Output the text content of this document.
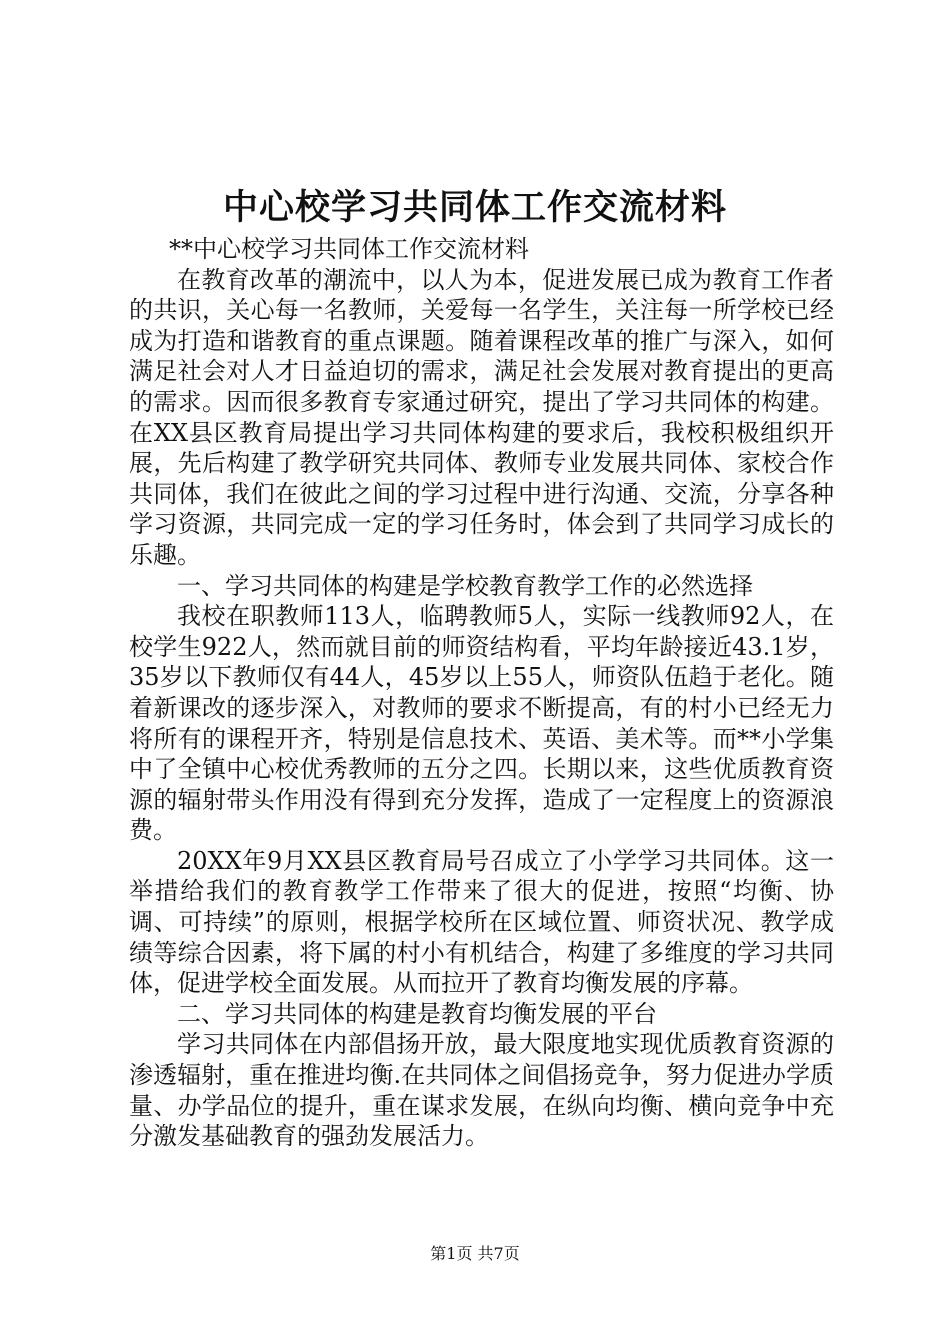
中心校学习共同体工作交流材料

**中心校学习共同体工作交流材料

在教育改革的潮流中，以人为本，促进发展已成为教育工作者的共识，关心每一名教师，关爱每一名学生，关注每一所学校已经成为打造和谐教育的重点课题。随着课程改革的推广与深入，如何满足社会对人才日益迫切的需求，满足社会发展对教育提出的更高的需求。因而很多教育专家通过研究，提出了学习共同体的构建。在XX县区教育局提出学习共同体构建的要求后，我校积极组织开展，先后构建了教学研究共同体、教师专业发展共同体、家校合作共同体，我们在彼此之间的学习过程中进行沟通、交流，分享各种学习资源，共同完成一定的学习任务时，体会到了共同学习成长的乐趣。

一、学习共同体的构建是学校教育教学工作的必然选择

我校在职教师113人，临聘教师5人，实际一线教师92人，在校学生922人，然而就目前的师资结构看，平均年龄接近43.1岁，35岁以下教师仅有44人，45岁以上55人，师资队伍趋于老化。随着新课改的逐步深入，对教师的要求不断提高，有的村小已经无力将所有的课程开齐，特别是信息技术、英语、美术等。而**小学集中了全镇中心校优秀教师的五分之四。长期以来，这些优质教育资源的辐射带头作用没有得到充分发挥，造成了一定程度上的资源浪费。

20XX年9月XX县区教育局号召成立了小学学习共同体。这一举措给我们的教育教学工作带来了很大的促进，按照“均衡、协调、可持续”的原则，根据学校所在区域位置、师资状况、教学成绩等综合因素，将下属的村小有机结合，构建了多维度的学习共同体，促进学校全面发展。从而拉开了教育均衡发展的序幕。

二、学习共同体的构建是教育均衡发展的平台

学习共同体在内部倡扬开放，最大限度地实现优质教育资源的渗透辐射，重在推进均衡.在共同体之间倡扬竞争，努力促进办学质量、办学品位的提升，重在谋求发展，在纵向均衡、横向竞争中充分激发基础教育的强劲发展活力。

第1页 共7页
